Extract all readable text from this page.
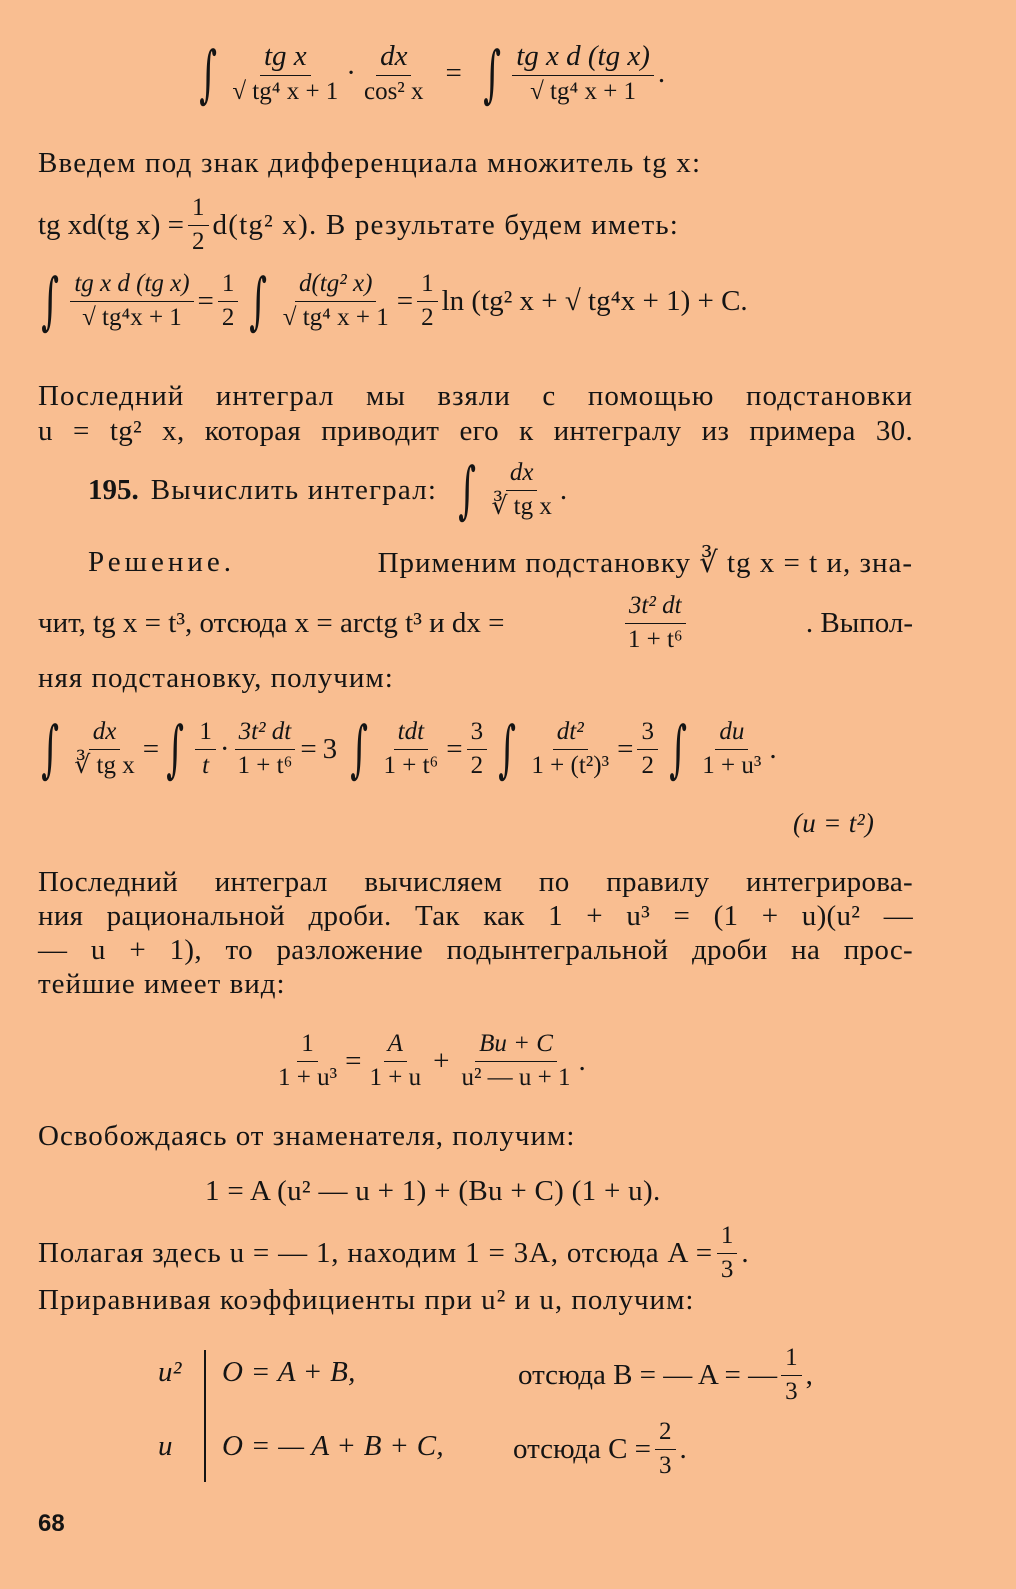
∫ $\frac{\text{tg x}}{\text{√ tg⁴ x + 1}} \cdot \frac{dx}{\text{cos² x}}$ = ∫ $\frac{\text{tg x d (tg x)}}{\text{√ tg⁴ x + 1}}$ .
Введем под знак дифференциала множитель tg x:
tg xd(tg $x) = \frac{1}{2} d(tg^2$ x). В результате будем иметь:
∫ $\frac{\text{tg x d (tg x)}}{\text{√ tg⁴x + 1}} = \frac{1}{2}$ ∫ $\frac{\text{d(tg² x)}}{\text{√ tg⁴ x + 1}} = \frac{1}{2}$ ln (tg² x + √ tg⁴x + 1) + C.
Последний интеграл мы взяли с помощью подстановки
u = tg² x, которая приводит его к интегралу из примера 30.
195. Вычислить интеграл: ∫ $\frac{dx}{\text{∛ tg x}}$ .
Решение.	Применим подстановку ∛ tg x = t и, зна-
чит, tg x = t³, отсюда x = arctg t³ и dx =	$\frac{\text{3t² dt}}{\text{1 + t⁶}}$	. Выпол-
няя подстановку, получим:
∫ $\frac{dx}{\text{∛ tg x}}$ = ∫ $\frac{1}{t} \cdot \frac{\text{3t² dt}}{\text{1 + t⁶}} = 3$ ∫ $\frac{\text{tdt}}{\text{1 + t⁶}} = \frac{3}{2}$ ∫ $\frac{\text{dt²}}{\text{1 + (t²)³}} = \frac{3}{2}$ ∫ $\frac{du}{\text{1 + u³}}$ .
(u = t²)
Последний интеграл вычисляем по правилу интегрирова-
ния рациональной дроби. Так как 1 + u³ = (1 + u)(u² —
— u + 1), то разложение подынтегральной дроби на прос-
тейшие имеет вид:
$\frac{1}{\text{1 + u³}} = \frac{A}{1 + u} + \frac{Bu + C}{\text{u² — u + 1}}$ .
Освобождаясь от знаменателя, получим:
1 = A (u² — u + 1) + (Bu + C) (1 + u).
Полагая здесь u = — 1, находим 1 = 3A, отсюда $A = \frac{1}{3}$ .
Приравнивая коэффициенты при u² и u, получим:
u² O = A + B,	отсюда B = — A = — $\frac{1}{3}$ ,
u O = — A + B + C, отсюда $C = \frac{2}{3}$ .
68
